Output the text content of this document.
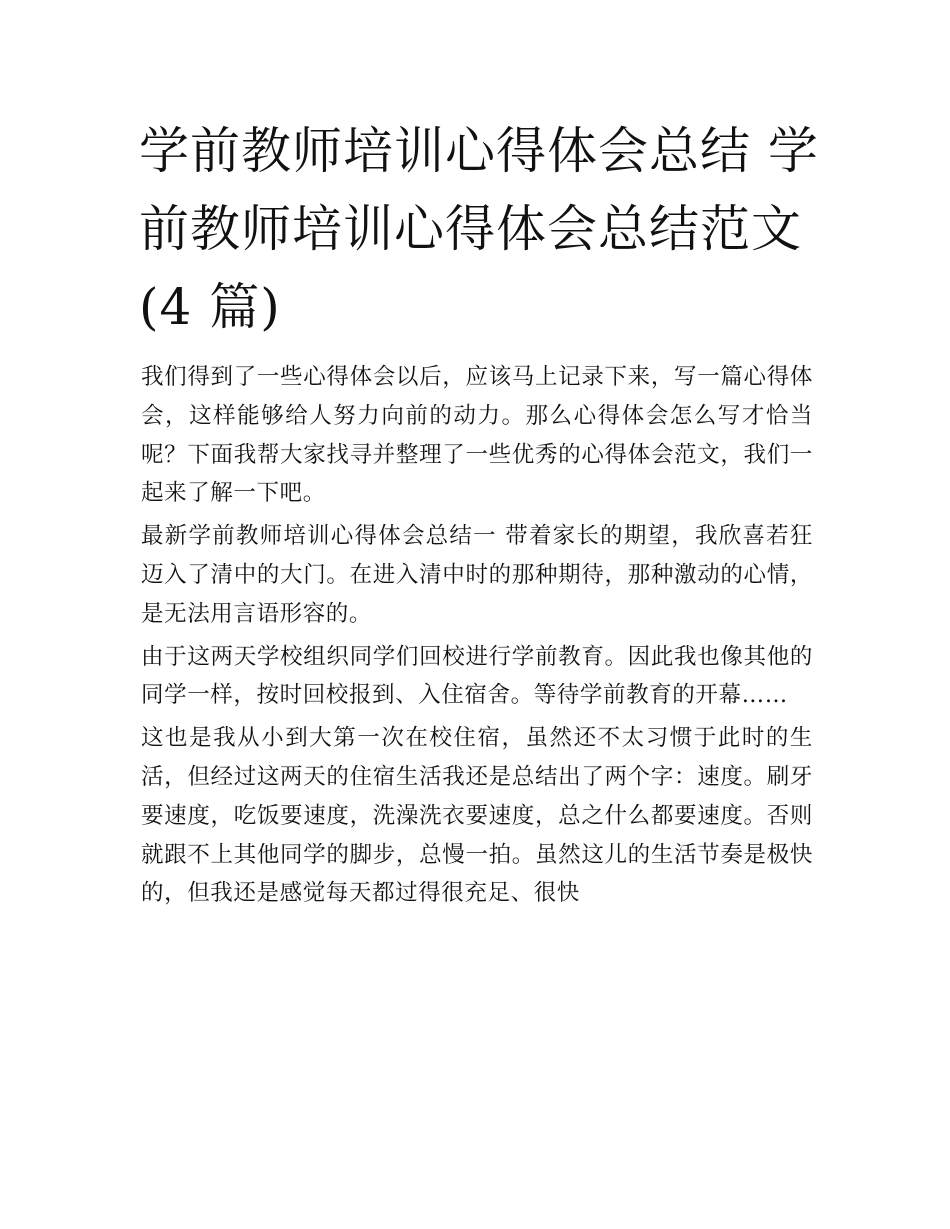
学前教师培训心得体会总结 学前教师培训心得体会总结范文(4 篇)

我们得到了一些心得体会以后，应该马上记录下来，写一篇心得体会，这样能够给人努力向前的动力。那么心得体会怎么写才恰当呢？下面我帮大家找寻并整理了一些优秀的心得体会范文，我们一起来了解一下吧。

最新学前教师培训心得体会总结一 带着家长的期望，我欣喜若狂迈入了清中的大门。在进入清中时的那种期待，那种激动的心情，是无法用言语形容的。

由于这两天学校组织同学们回校进行学前教育。因此我也像其他的同学一样，按时回校报到、入住宿舍。等待学前教育的开幕……

这也是我从小到大第一次在校住宿，虽然还不太习惯于此时的生活，但经过这两天的住宿生活我还是总结出了两个字：速度。刷牙要速度，吃饭要速度，洗澡洗衣要速度，总之什么都要速度。否则就跟不上其他同学的脚步，总慢一拍。虽然这儿的生活节奏是极快的，但我还是感觉每天都过得很充足、很快
